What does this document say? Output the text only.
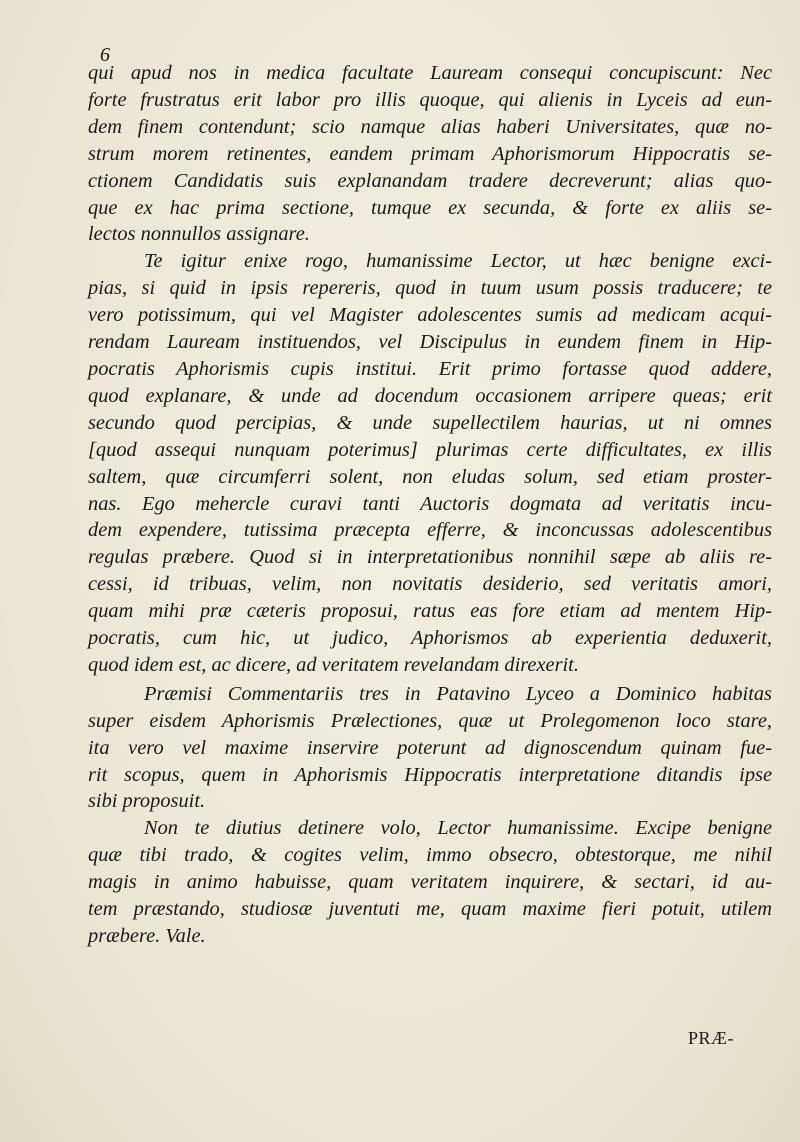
6
qui apud nos in medica facultate Lauream consequi concupiscunt: Nec
forte frustratus erit labor pro illis quoque, qui alienis in Lyceis ad eun-
dem finem contendunt; scio namque alias haberi Universitates, quæ no-
strum morem retinentes, eandem primam Aphorismorum Hippocratis se-
ctionem Candidatis suis explanandam tradere decreverunt; alias quo-
que ex hac prima sectione, tumque ex secunda, & forte ex aliis se-
lectos nonnullos assignare.
Te igitur enixe rogo, humanissime Lector, ut hæc benigne exci-
pias, si quid in ipsis repereris, quod in tuum usum possis traducere; te
vero potissimum, qui vel Magister adolescentes sumis ad medicam acqui-
rendam Lauream instituendos, vel Discipulus in eundem finem in Hip-
pocratis Aphorismis cupis institui. Erit primo fortasse quod addere,
quod explanare, & unde ad docendum occasionem arripere queas; erit
secundo quod percipias, & unde supellectilem haurias, ut ni omnes
[quod assequi nunquam poterimus] plurimas certe difficultates, ex illis
saltem, quæ circumferri solent, non eludas solum, sed etiam proster-
nas. Ego mehercle curavi tanti Auctoris dogmata ad veritatis incu-
dem expendere, tutissima præcepta efferre, & inconcussas adolescentibus
regulas præbere. Quod si in interpretationibus nonnihil sæpe ab aliis re-
cessi, id tribuas, velim, non novitatis desiderio, sed veritatis amori,
quam mihi præ cæteris proposui, ratus eas fore etiam ad mentem Hip-
pocratis, cum hic, ut judico, Aphorismos ab experientia deduxerit,
quod idem est, ac dicere, ad veritatem revelandam direxerit.
Præmisi Commentariis tres in Patavino Lyceo a Dominico habitas
super eisdem Aphorismis Prælectiones, quæ ut Prolegomenon loco stare,
ita vero vel maxime inservire poterunt ad dignoscendum quinam fue-
rit scopus, quem in Aphorismis Hippocratis interpretatione ditandis ipse
sibi proposuit.
Non te diutius detinere volo, Lector humanissime. Excipe benigne
quæ tibi trado, & cogites velim, immo obsecro, obtestorque, me nihil
magis in animo habuisse, quam veritatem inquirere, & sectari, id au-
tem præstando, studiosæ juventuti me, quam maxime fieri potuit, utilem
præbere. Vale.
PRÆ-
